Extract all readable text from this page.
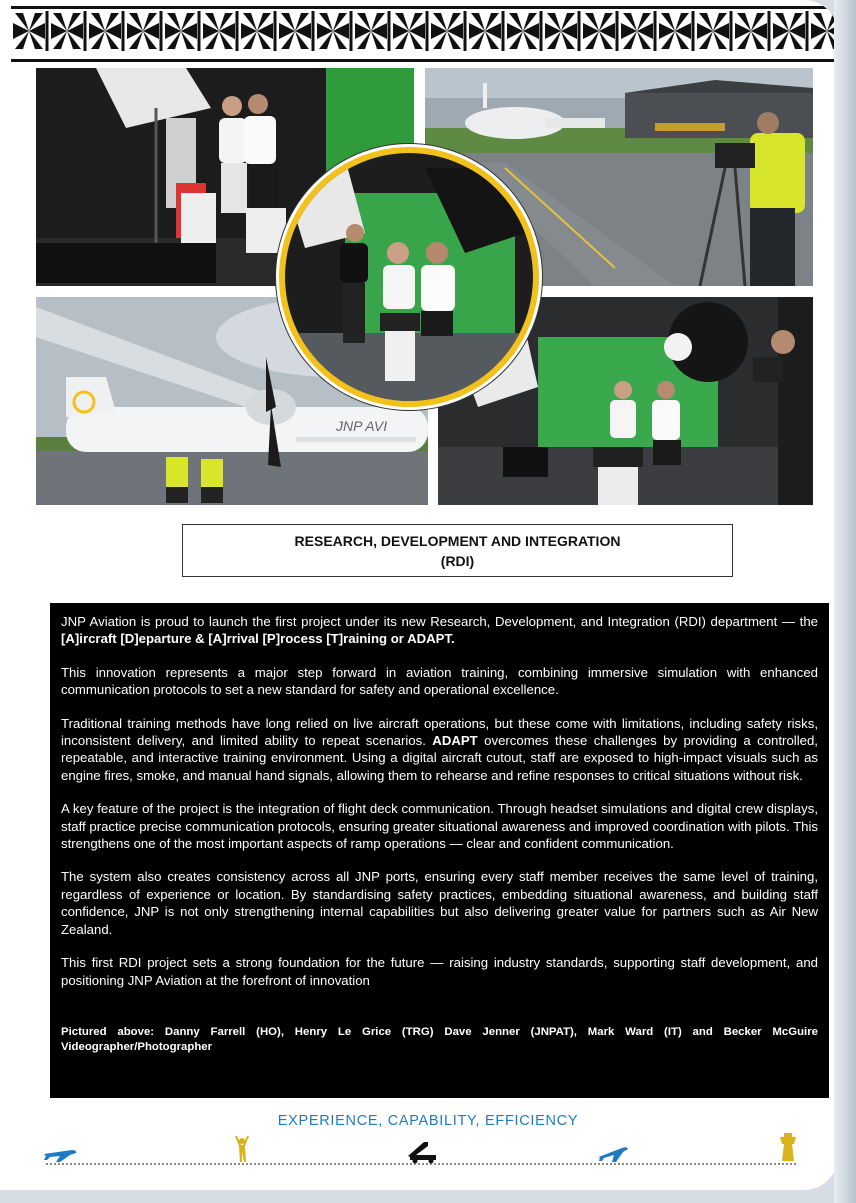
JNP AVI
RESEARCH, DEVELOPMENT AND INTEGRATION
(RDI)

JNP Aviation is proud to launch the first project under its new Research, Development, and Integration (RDI) department — the [A]ircraft [D]eparture & [A]rrival [P]rocess [T]raining or ADAPT.

This innovation represents a major step forward in aviation training, combining immersive simulation with enhanced communication protocols to set a new standard for safety and operational excellence.

Traditional training methods have long relied on live aircraft operations, but these come with limitations, including safety risks, inconsistent delivery, and limited ability to repeat scenarios. ADAPT overcomes these challenges by providing a controlled, repeatable, and interactive training environment. Using a digital aircraft cutout, staff are exposed to high-impact visuals such as engine fires, smoke, and manual hand signals, allowing them to rehearse and refine responses to critical situations without risk.

A key feature of the project is the integration of flight deck communication. Through headset simulations and digital crew displays, staff practice precise communication protocols, ensuring greater situational awareness and improved coordination with pilots. This strengthens one of the most important aspects of ramp operations — clear and confident communication.

The system also creates consistency across all JNP ports, ensuring every staff member receives the same level of training, regardless of experience or location. By standardising safety practices, embedding situational awareness, and building staff confidence, JNP is not only strengthening internal capabilities but also delivering greater value for partners such as Air New Zealand.

This first RDI project sets a strong foundation for the future — raising industry standards, supporting staff development, and positioning JNP Aviation at the forefront of innovation

Pictured above: Danny Farrell (HO), Henry Le Grice (TRG) Dave Jenner (JNPAT), Mark Ward (IT) and Becker McGuire Videographer/Photographer

EXPERIENCE, CAPABILITY, EFFICIENCY
